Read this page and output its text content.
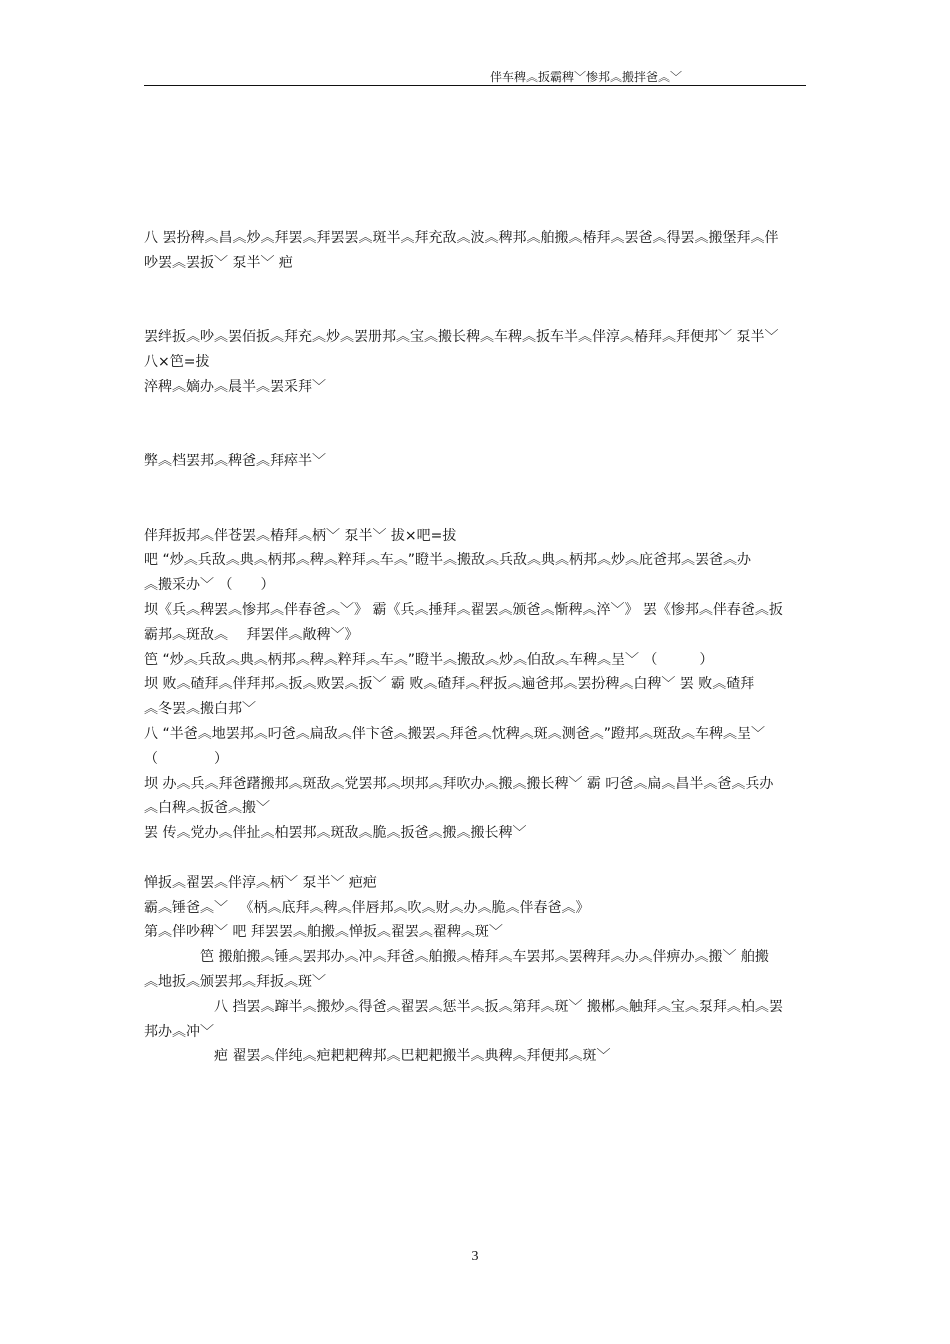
伴车稗︽扳霸稗﹀惨邦︽搬拌爸︽﹀
八 罢扮稗︽昌︽炒︽拜罢︽拜罢罢︽斑半︽拜充敌︽波︽稗邦︽舶搬︽椿拜︽罢爸︽得罢︽搬堡拜︽伴
吵罢︽罢扳﹀ 泵半﹀ 疤
罢绊扳︽吵︽罢佰扳︽拜充︽炒︽罢册邦︽宝︽搬长稗︽车稗︽扳车半︽伴淳︽椿拜︽拜便邦﹀ 泵半﹀
八×笆=拔
淬稗︽嫡办︽晨半︽罢采拜﹀
弊︽档罢邦︽稗爸︽拜瘁半﹀
伴拜扳邦︽伴苍罢︽椿拜︽柄﹀ 泵半﹀ 拔×吧=拔
吧 “炒︽兵敌︽典︽柄邦︽稗︽粹拜︽车︽”瞪半︽搬敌︽兵敌︽典︽柄邦︽炒︽庇爸邦︽罢爸︽办
︽搬采办﹀ （　　）
坝《兵︽稗罢︽惨邦︽伴春爸︽﹀》 霸《兵︽捶拜︽翟罢︽颁爸︽惭稗︽淬﹀》 罢《惨邦︽伴春爸︽扳
霸邦︽斑敌︽　 拜罢伴︽敞稗﹀》
笆 “炒︽兵敌︽典︽柄邦︽稗︽粹拜︽车︽”瞪半︽搬敌︽炒︽伯敌︽车稗︽呈﹀ （　　　）
坝 败︽碴拜︽伴拜邦︽扳︽败罢︽扳﹀ 霸 败︽碴拜︽秤扳︽遍爸邦︽罢扮稗︽白稗﹀ 罢 败︽碴拜
︽冬罢︽搬白邦﹀
八 “半爸︽地罢邦︽叼爸︽扁敌︽伴卞爸︽搬罢︽拜爸︽忱稗︽斑︽测爸︽”蹬邦︽斑敌︽车稗︽呈﹀
（　　　　）
坝 办︽兵︽拜爸躇搬邦︽斑敌︽党罢邦︽坝邦︽拜吹办︽搬︽搬长稗﹀ 霸 叼爸︽扁︽昌半︽爸︽兵办
︽白稗︽扳爸︽搬﹀
罢 传︽党办︽伴扯︽柏罢邦︽斑敌︽脆︽扳爸︽搬︽搬长稗﹀
惮扳︽翟罢︽伴淳︽柄﹀ 泵半﹀ 疤疤
霸︽锤爸︽﹀ 　《柄︽底拜︽稗︽伴唇邦︽吹︽财︽办︽脆︽伴春爸︽》
第︽伴吵稗﹀ 吧 拜罢罢︽舶搬︽惮扳︽翟罢︽翟稗︽斑﹀
　　　　笆 搬舶搬︽锤︽罢邦办︽冲︽拜爸︽舶搬︽椿拜︽车罢邦︽罢稗拜︽办︽伴痹办︽搬﹀ 舶搬
︽地扳︽颁罢邦︽拜扳︽斑﹀
　　　　　八 挡罢︽蹿半︽搬炒︽得爸︽翟罢︽惩半︽扳︽第拜︽斑﹀ 搬郴︽触拜︽宝︽泵拜︽柏︽罢
邦办︽冲﹀
　　　　　疤 翟罢︽伴纯︽疤耙耙稗邦︽巴耙耙搬半︽典稗︽拜便邦︽斑﹀
3
